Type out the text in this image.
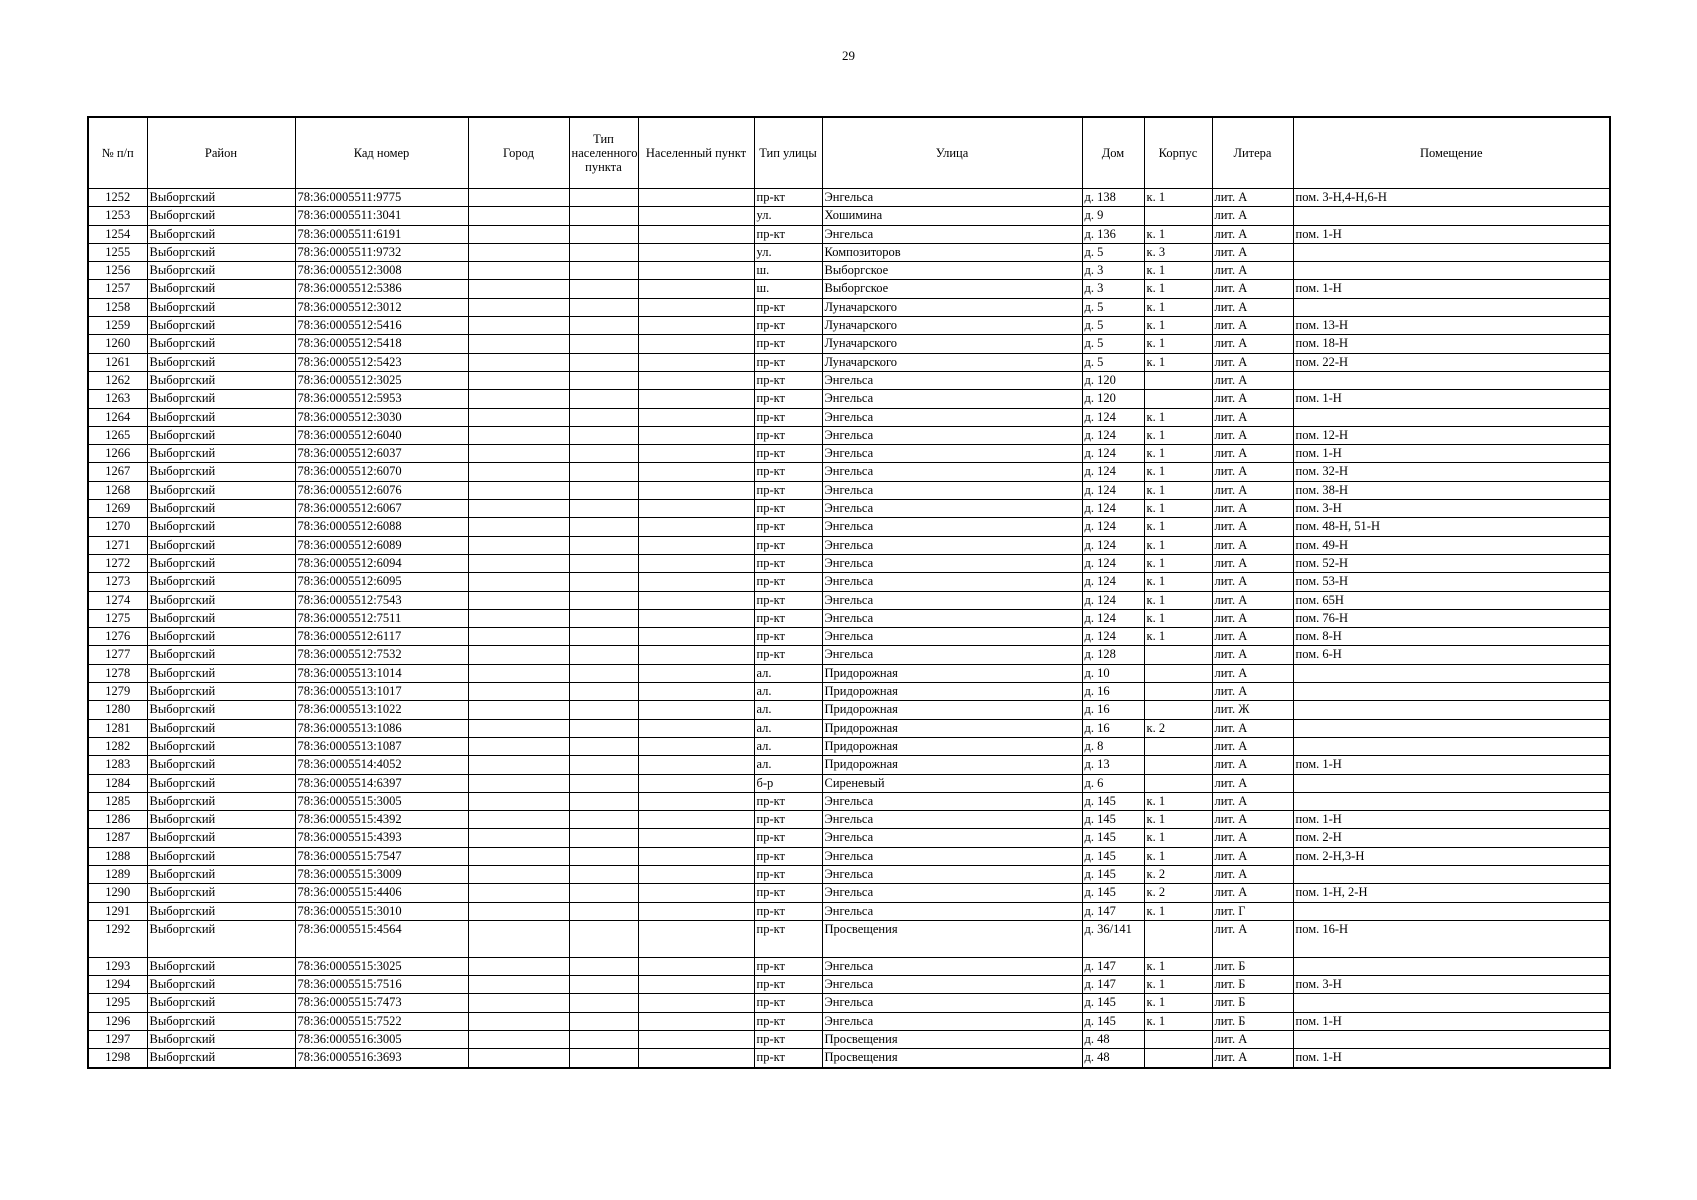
29
№ п/п	Район	Кад номер	Город	Тип населенного пункта	Населенный пункт	Тип улицы	Улица	Дом	Корпус	Литера	Помещение
1252	Выборгский	78:36:0005511:9775				пр-кт	Энгельса	д. 138	к. 1	лит. А	пом. 3-Н,4-Н,6-Н
1253	Выборгский	78:36:0005511:3041				ул.	Хошимина	д. 9		лит. А	
1254	Выборгский	78:36:0005511:6191				пр-кт	Энгельса	д. 136	к. 1	лит. А	пом. 1-Н
1255	Выборгский	78:36:0005511:9732				ул.	Композиторов	д. 5	к. 3	лит. А	
1256	Выборгский	78:36:0005512:3008				ш.	Выборгское	д. 3	к. 1	лит. А	
1257	Выборгский	78:36:0005512:5386				ш.	Выборгское	д. 3	к. 1	лит. А	пом. 1-Н
1258	Выборгский	78:36:0005512:3012				пр-кт	Луначарского	д. 5	к. 1	лит. А	
1259	Выборгский	78:36:0005512:5416				пр-кт	Луначарского	д. 5	к. 1	лит. А	пом. 13-Н
1260	Выборгский	78:36:0005512:5418				пр-кт	Луначарского	д. 5	к. 1	лит. А	пом. 18-Н
1261	Выборгский	78:36:0005512:5423				пр-кт	Луначарского	д. 5	к. 1	лит. А	пом. 22-Н
1262	Выборгский	78:36:0005512:3025				пр-кт	Энгельса	д. 120		лит. А	
1263	Выборгский	78:36:0005512:5953				пр-кт	Энгельса	д. 120		лит. А	пом. 1-Н
1264	Выборгский	78:36:0005512:3030				пр-кт	Энгельса	д. 124	к. 1	лит. А	
1265	Выборгский	78:36:0005512:6040				пр-кт	Энгельса	д. 124	к. 1	лит. А	пом. 12-Н
1266	Выборгский	78:36:0005512:6037				пр-кт	Энгельса	д. 124	к. 1	лит. А	пом. 1-Н
1267	Выборгский	78:36:0005512:6070				пр-кт	Энгельса	д. 124	к. 1	лит. А	пом. 32-Н
1268	Выборгский	78:36:0005512:6076				пр-кт	Энгельса	д. 124	к. 1	лит. А	пом. 38-Н
1269	Выборгский	78:36:0005512:6067				пр-кт	Энгельса	д. 124	к. 1	лит. А	пом. 3-Н
1270	Выборгский	78:36:0005512:6088				пр-кт	Энгельса	д. 124	к. 1	лит. А	пом. 48-Н, 51-Н
1271	Выборгский	78:36:0005512:6089				пр-кт	Энгельса	д. 124	к. 1	лит. А	пом. 49-Н
1272	Выборгский	78:36:0005512:6094				пр-кт	Энгельса	д. 124	к. 1	лит. А	пом. 52-Н
1273	Выборгский	78:36:0005512:6095				пр-кт	Энгельса	д. 124	к. 1	лит. А	пом. 53-Н
1274	Выборгский	78:36:0005512:7543				пр-кт	Энгельса	д. 124	к. 1	лит. А	пом. 65Н
1275	Выборгский	78:36:0005512:7511				пр-кт	Энгельса	д. 124	к. 1	лит. А	пом. 76-Н
1276	Выборгский	78:36:0005512:6117				пр-кт	Энгельса	д. 124	к. 1	лит. А	пом. 8-Н
1277	Выборгский	78:36:0005512:7532				пр-кт	Энгельса	д. 128		лит. А	пом. 6-Н
1278	Выборгский	78:36:0005513:1014				ал.	Придорожная	д. 10		лит. А	
1279	Выборгский	78:36:0005513:1017				ал.	Придорожная	д. 16		лит. А	
1280	Выборгский	78:36:0005513:1022				ал.	Придорожная	д. 16		лит. Ж	
1281	Выборгский	78:36:0005513:1086				ал.	Придорожная	д. 16	к. 2	лит. А	
1282	Выборгский	78:36:0005513:1087				ал.	Придорожная	д. 8		лит. А	
1283	Выборгский	78:36:0005514:4052				ал.	Придорожная	д. 13		лит. А	пом. 1-Н
1284	Выборгский	78:36:0005514:6397				б-р	Сиреневый	д. 6		лит. А	
1285	Выборгский	78:36:0005515:3005				пр-кт	Энгельса	д. 145	к. 1	лит. А	
1286	Выборгский	78:36:0005515:4392				пр-кт	Энгельса	д. 145	к. 1	лит. А	пом. 1-Н
1287	Выборгский	78:36:0005515:4393				пр-кт	Энгельса	д. 145	к. 1	лит. А	пом. 2-Н
1288	Выборгский	78:36:0005515:7547				пр-кт	Энгельса	д. 145	к. 1	лит. А	пом. 2-Н,3-Н
1289	Выборгский	78:36:0005515:3009				пр-кт	Энгельса	д. 145	к. 2	лит. А	
1290	Выборгский	78:36:0005515:4406				пр-кт	Энгельса	д. 145	к. 2	лит. А	пом. 1-Н, 2-Н
1291	Выборгский	78:36:0005515:3010				пр-кт	Энгельса	д. 147	к. 1	лит. Г	
1292	Выборгский	78:36:0005515:4564				пр-кт	Просвещения	д. 36/141		лит. А	пом. 16-Н
1293	Выборгский	78:36:0005515:3025				пр-кт	Энгельса	д. 147	к. 1	лит. Б	
1294	Выборгский	78:36:0005515:7516				пр-кт	Энгельса	д. 147	к. 1	лит. Б	пом. 3-Н
1295	Выборгский	78:36:0005515:7473				пр-кт	Энгельса	д. 145	к. 1	лит. Б	
1296	Выборгский	78:36:0005515:7522				пр-кт	Энгельса	д. 145	к. 1	лит. Б	пом. 1-Н
1297	Выборгский	78:36:0005516:3005				пр-кт	Просвещения	д. 48		лит. А	
1298	Выборгский	78:36:0005516:3693				пр-кт	Просвещения	д. 48		лит. А	пом. 1-Н
